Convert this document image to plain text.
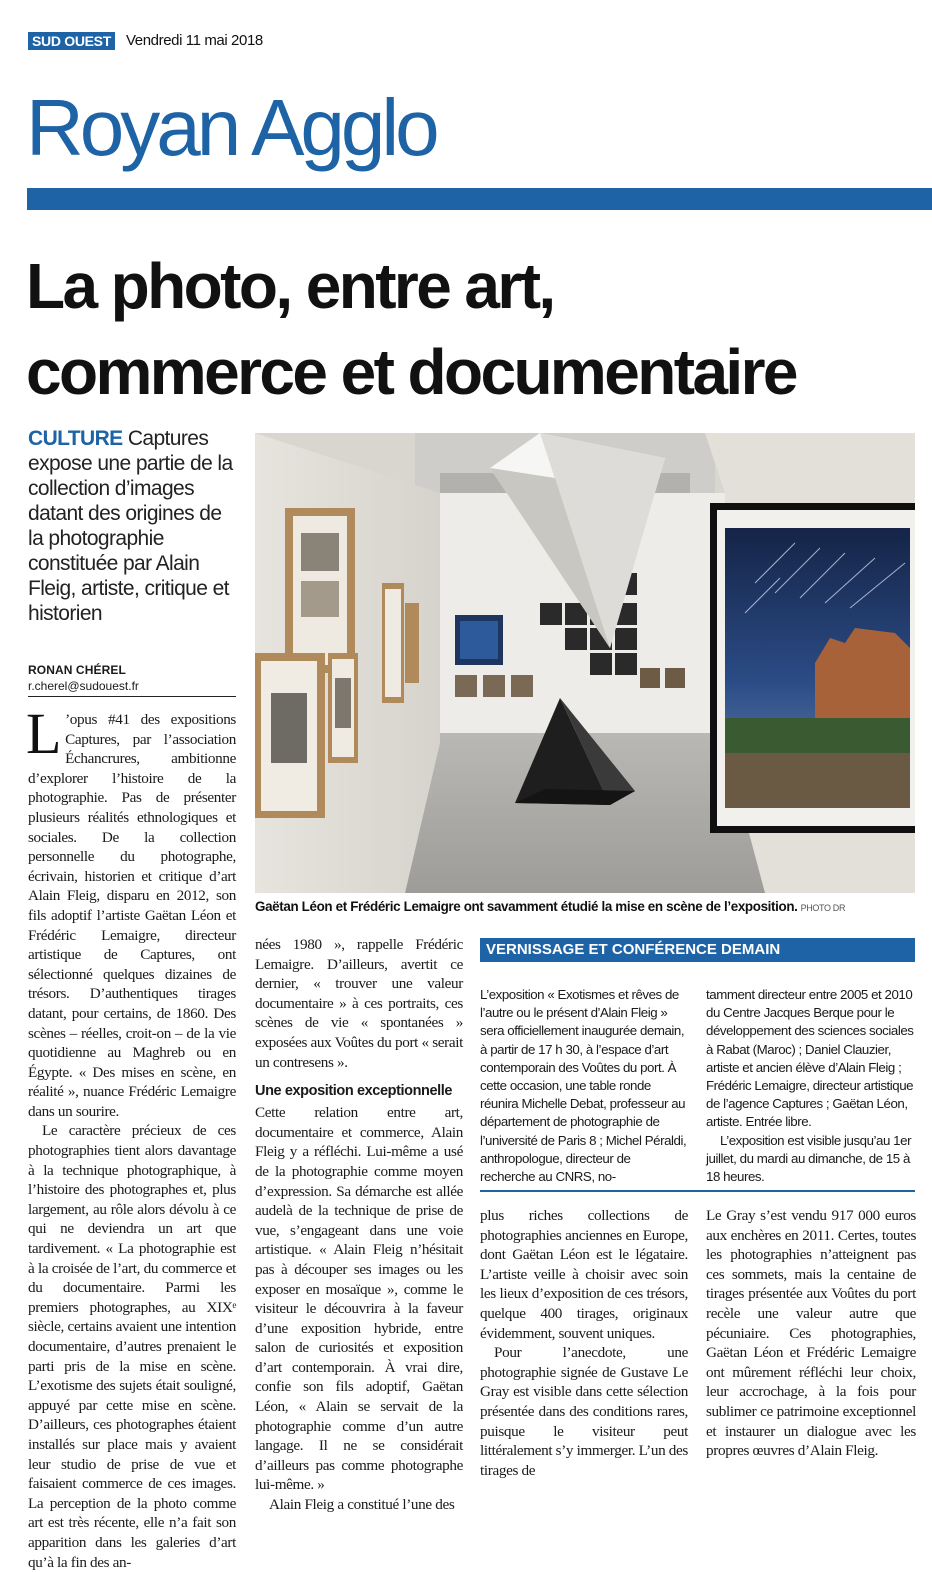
SUD OUEST Vendredi 11 mai 2018
Royan Agglo
La photo, entre art,
commerce et documentaire
CULTURE Captures expose une partie de la collection d’images datant des origines de la photographie constituée par Alain Fleig, artiste, critique et historien
RONAN CHÉREL
r.cherel@sudouest.fr

L ’opus #41 des expositions Captures, par l’association Échancrures, ambitionne d’explorer l’histoire de la photographie. Pas de présenter plusieurs réalités ethnologiques et sociales. De la collection personnelle du photographe, écrivain, historien et critique d’art Alain Fleig, disparu en 2012, son fils adoptif l’artiste Gaëtan Léon et Frédéric Lemaigre, directeur artistique de Captures, ont sélectionné quelques dizaines de trésors. D’authentiques tirages datant, pour certains, de 1860. Des scènes – réelles, croit-on – de la vie quotidienne au Maghreb ou en Égypte. « Des mises en scène, en réalité », nuance Frédéric Lemaigre dans un sourire.

Le caractère précieux de ces photographies tient alors davantage à la technique photographique, à l’histoire des photographes et, plus largement, au rôle alors dévolu à ce qui ne deviendra un art que tardivement. « La photographie est à la croisée de l’art, du commerce et du documentaire. Parmi les premiers photographes, au XIXᵉ siècle, certains avaient une intention documentaire, d’autres prenaient le parti pris de la mise en scène. L’exotisme des sujets était souligné, appuyé par cette mise en scène. D’ailleurs, ces photographes étaient installés sur place mais y avaient leur studio de prise de vue et faisaient commerce de ces images. La perception de la photo comme art est très récente, elle n’a fait son apparition dans les galeries d’art qu’à la fin des an-

nées 1980 », rappelle Frédéric Lemaigre. D’ailleurs, avertit ce dernier, « trouver une valeur documentaire » à ces portraits, ces scènes de vie « spontanées » exposées aux Voûtes du port « serait un contresens ».

Une exposition exceptionnelle

Cette relation entre art, documentaire et commerce, Alain Fleig y a réfléchi. Lui-même a usé de la photographie comme moyen d’expression. Sa démarche est allée audelà de la technique de prise de vue, s’engageant dans une voie artistique. « Alain Fleig n’hésitait pas à découper ses images ou les exposer en mosaïque », comme le visiteur le découvrira à la faveur d’une exposition hybride, entre salon de curiosités et exposition d’art contemporain. À vrai dire, confie son fils adoptif, Gaëtan Léon, « Alain se servait de la photographie comme d’un autre langage. Il ne se considérait d’ailleurs pas comme photographe lui-même. »

Alain Fleig a constitué l’une des

Gaëtan Léon et Frédéric Lemaigre ont savamment étudié la mise en scène de l’exposition. PHOTO DR
VERNISSAGE ET CONFÉRENCE DEMAIN

L’exposition « Exotismes et rêves de l’autre ou le présent d’Alain Fleig » sera officiellement inaugurée demain, à partir de 17 h 30, à l’espace d’art contemporain des Voûtes du port. À cette occasion, une table ronde réunira Michelle Debat, professeur au département de photographie de l’université de Paris 8 ; Michel Péraldi, anthropologue, directeur de recherche au CNRS, no-

tamment directeur entre 2005 et 2010 du Centre Jacques Berque pour le développement des sciences sociales à Rabat (Maroc) ; Daniel Clauzier, artiste et ancien élève d’Alain Fleig ; Frédéric Lemaigre, directeur artistique de l’agence Captures ; Gaëtan Léon, artiste. Entrée libre.

L’exposition est visible jusqu’au 1er juillet, du mardi au dimanche, de 15 à 18 heures.

plus riches collections de photographies anciennes en Europe, dont Gaëtan Léon est le légataire. L’artiste veille à choisir avec soin les lieux d’exposition de ces trésors, quelque 400 tirages, originaux évidemment, souvent uniques.

Pour l’anecdote, une photographie signée de Gustave Le Gray est visible dans cette sélection présentée dans des conditions rares, puisque le visiteur peut littéralement s’y immerger. L’un des tirages de

Le Gray s’est vendu 917 000 euros aux enchères en 2011. Certes, toutes les photographies n’atteignent pas ces sommets, mais la centaine de tirages présentée aux Voûtes du port recèle une valeur autre que pécuniaire. Ces photographies, Gaëtan Léon et Frédéric Lemaigre ont mûrement réfléchi leur choix, leur accrochage, à la fois pour sublimer ce patrimoine exceptionnel et instaurer un dialogue avec les propres œuvres d’Alain Fleig.
